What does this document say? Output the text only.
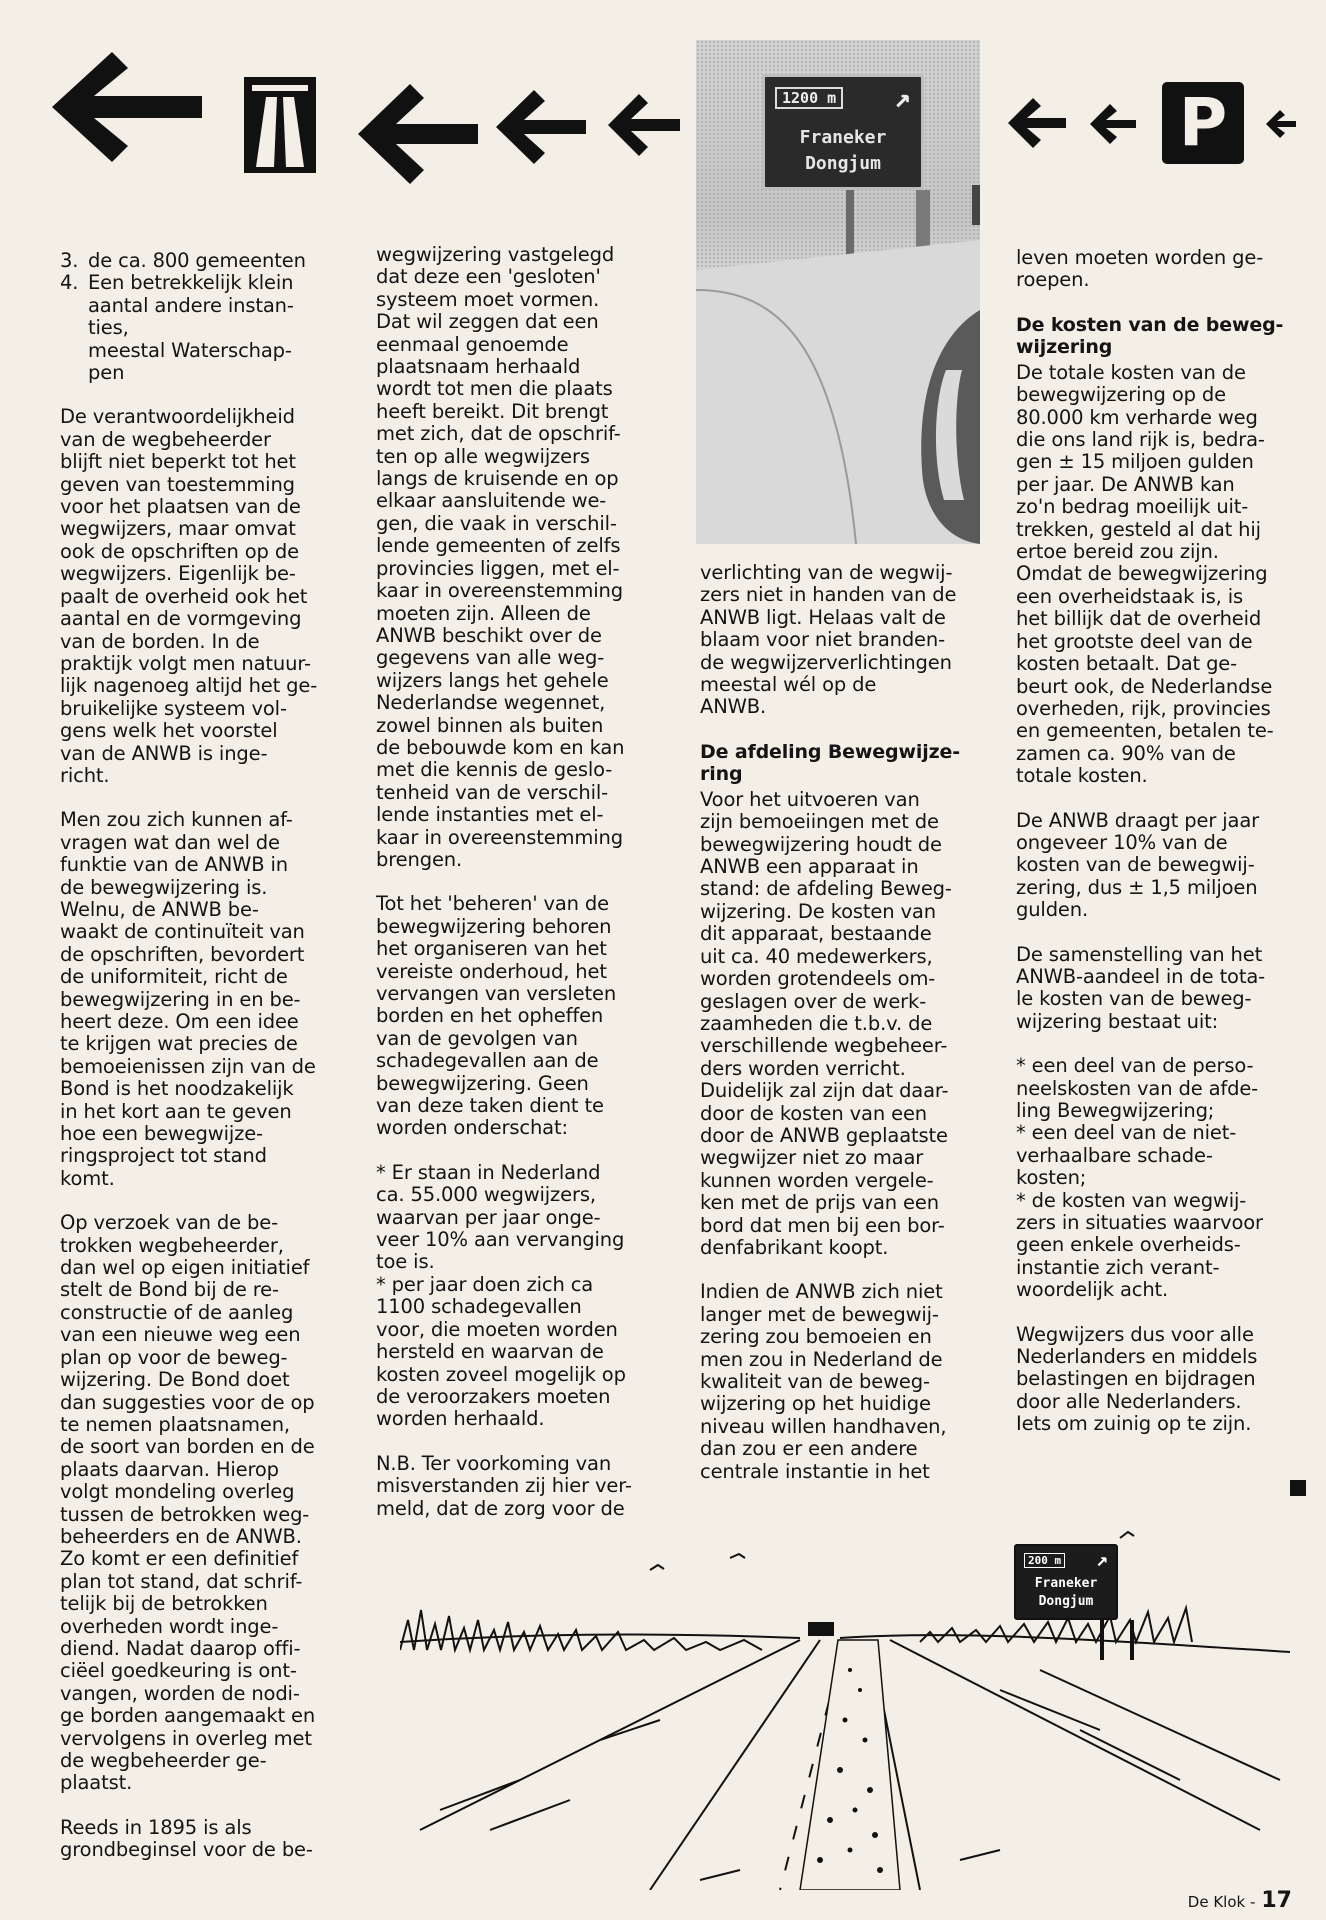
1200 m ↗
Franeker
Dongjum
P
3. de ca. 800 gemeenten
4. Een betrekkelijk klein
aantal andere instan-
ties,
meestal Waterschap-
pen

De verantwoordelijkheid
van de wegbeheerder
blijft niet beperkt tot het
geven van toestemming
voor het plaatsen van de
wegwijzers, maar omvat
ook de opschriften op de
wegwijzers. Eigenlijk be-
paalt de overheid ook het
aantal en de vormgeving
van de borden. In de
praktijk volgt men natuur-
lijk nagenoeg altijd het ge-
bruikelijke systeem vol-
gens welk het voorstel
van de ANWB is inge-
richt.

Men zou zich kunnen af-
vragen wat dan wel de
funktie van de ANWB in
de bewegwijzering is.
Welnu, de ANWB be-
waakt de continuïteit van
de opschriften, bevordert
de uniformiteit, richt de
bewegwijzering in en be-
heert deze. Om een idee
te krijgen wat precies de
bemoeienissen zijn van de
Bond is het noodzakelijk
in het kort aan te geven
hoe een bewegwijze-
ringsproject tot stand
komt.

Op verzoek van de be-
trokken wegbeheerder,
dan wel op eigen initiatief
stelt de Bond bij de re-
constructie of de aanleg
van een nieuwe weg een
plan op voor de beweg-
wijzering. De Bond doet
dan suggesties voor de op
te nemen plaatsnamen,
de soort van borden en de
plaats daarvan. Hierop
volgt mondeling overleg
tussen de betrokken weg-
beheerders en de ANWB.
Zo komt er een definitief
plan tot stand, dat schrif-
telijk bij de betrokken
overheden wordt inge-
diend. Nadat daarop offi-
ciëel goedkeuring is ont-
vangen, worden de nodi-
ge borden aangemaakt en
vervolgens in overleg met
de wegbeheerder ge-
plaatst.

Reeds in 1895 is als
grondbeginsel voor de be-

wegwijzering vastgelegd
dat deze een 'gesloten'
systeem moet vormen.
Dat wil zeggen dat een
eenmaal genoemde
plaatsnaam herhaald
wordt tot men die plaats
heeft bereikt. Dit brengt
met zich, dat de opschrif-
ten op alle wegwijzers
langs de kruisende en op
elkaar aansluitende we-
gen, die vaak in verschil-
lende gemeenten of zelfs
provincies liggen, met el-
kaar in overeenstemming
moeten zijn. Alleen de
ANWB beschikt over de
gegevens van alle weg-
wijzers langs het gehele
Nederlandse wegennet,
zowel binnen als buiten
de bebouwde kom en kan
met die kennis de geslo-
tenheid van de verschil-
lende instanties met el-
kaar in overeenstemming
brengen.

Tot het 'beheren' van de
bewegwijzering behoren
het organiseren van het
vereiste onderhoud, het
vervangen van versleten
borden en het opheffen
van de gevolgen van
schadegevallen aan de
bewegwijzering. Geen
van deze taken dient te
worden onderschat:

* Er staan in Nederland
ca. 55.000 wegwijzers,
waarvan per jaar onge-
veer 10% aan vervanging
toe is.
* per jaar doen zich ca
1100 schadegevallen
voor, die moeten worden
hersteld en waarvan de
kosten zoveel mogelijk op
de veroorzakers moeten
worden herhaald.

N.B. Ter voorkoming van
misverstanden zij hier ver-
meld, dat de zorg voor de

verlichting van de wegwij-
zers niet in handen van de
ANWB ligt. Helaas valt de
blaam voor niet branden-
de wegwijzerverlichtingen
meestal wél op de
ANWB.

De afdeling Bewegwijze-
ring

Voor het uitvoeren van
zijn bemoeiingen met de
bewegwijzering houdt de
ANWB een apparaat in
stand: de afdeling Beweg-
wijzering. De kosten van
dit apparaat, bestaande
uit ca. 40 medewerkers,
worden grotendeels om-
geslagen over de werk-
zaamheden die t.b.v. de
verschillende wegbeheer-
ders worden verricht.
Duidelijk zal zijn dat daar-
door de kosten van een
door de ANWB geplaatste
wegwijzer niet zo maar
kunnen worden vergele-
ken met de prijs van een
bord dat men bij een bor-
denfabrikant koopt.

Indien de ANWB zich niet
langer met de bewegwij-
zering zou bemoeien en
men zou in Nederland de
kwaliteit van de beweg-
wijzering op het huidige
niveau willen handhaven,
dan zou er een andere
centrale instantie in het

leven moeten worden ge-
roepen.

De kosten van de beweg-
wijzering

De totale kosten van de
bewegwijzering op de
80.000 km verharde weg
die ons land rijk is, bedra-
gen ± 15 miljoen gulden
per jaar. De ANWB kan
zo'n bedrag moeilijk uit-
trekken, gesteld al dat hij
ertoe bereid zou zijn.
Omdat de bewegwijzering
een overheidstaak is, is
het billijk dat de overheid
het grootste deel van de
kosten betaalt. Dat ge-
beurt ook, de Nederlandse
overheden, rijk, provincies
en gemeenten, betalen te-
zamen ca. 90% van de
totale kosten.

De ANWB draagt per jaar
ongeveer 10% van de
kosten van de bewegwij-
zering, dus ± 1,5 miljoen
gulden.

De samenstelling van het
ANWB-aandeel in de tota-
le kosten van de beweg-
wijzering bestaat uit:

* een deel van de perso-
neelskosten van de afde-
ling Bewegwijzering;
* een deel van de niet-
verhaalbare schade-
kosten;
* de kosten van wegwij-
zers in situaties waarvoor
geen enkele overheids-
instantie zich verant-
woordelijk acht.

Wegwijzers dus voor alle
Nederlanders en middels
belastingen en bijdragen
door alle Nederlanders.
Iets om zuinig op te zijn.

200 m ↗
Franeker
Dongjum
De Klok - 17
